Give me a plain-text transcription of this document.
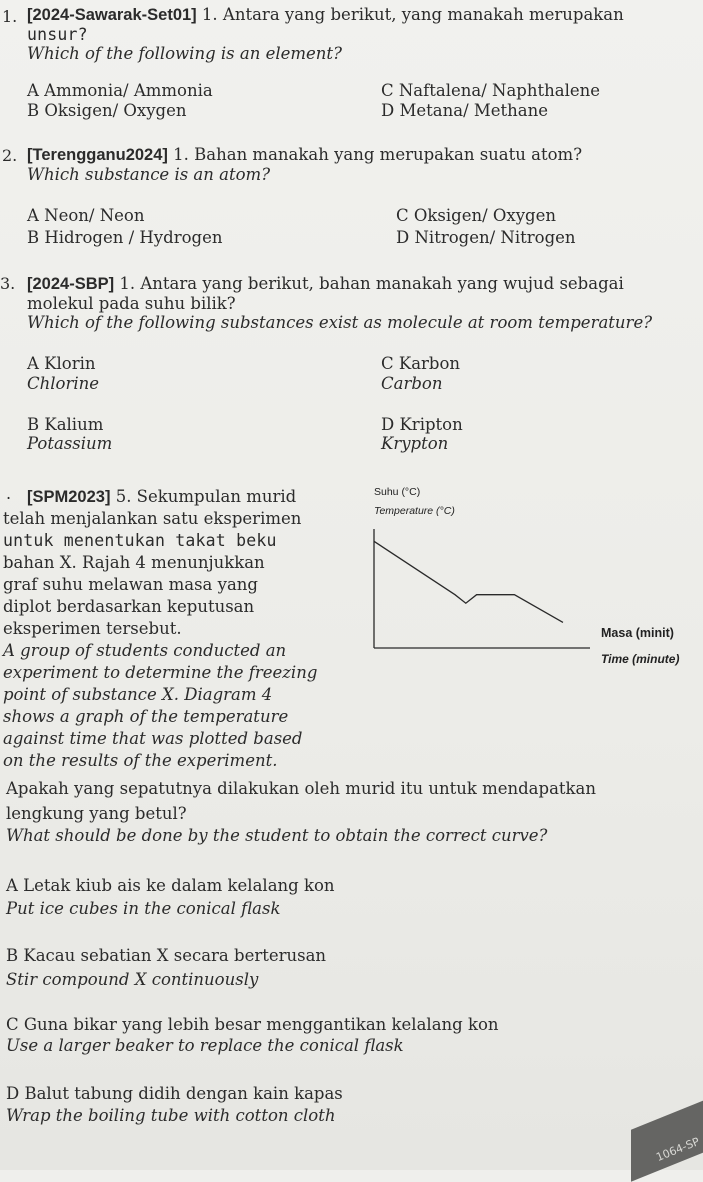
1. [2024-Sawarak-Set01] 1. Antara yang berikut, yang manakah merupakan
unsur?
Which of the following is an element?
A Ammonia/ Ammonia
B Oksigen/ Oxygen
C Naftalena/ Naphthalene
D Metana/ Methane
2. [Terengganu2024] 1. Bahan manakah yang merupakan suatu atom?
Which substance is an atom?
A Neon/ Neon
B Hidrogen / Hydrogen
C Oksigen/ Oxygen
D Nitrogen/ Nitrogen
3. [2024-SBP] 1. Antara yang berikut, bahan manakah yang wujud sebagai
molekul pada suhu bilik?
Which of the following substances exist as molecule at room temperature?
A Klorin
Chlorine
B Kalium
Potassium
C Karbon
Carbon
D Kripton
Krypton
. [SPM2023] 5. Sekumpulan murid
telah menjalankan satu eksperimen
untuk menentukan takat beku
bahan X. Rajah 4 menunjukkan
graf suhu melawan masa yang
diplot berdasarkan keputusan
eksperimen tersebut.
A group of students conducted an
experiment to determine the freezing
point of substance X. Diagram 4
shows a graph of the temperature
against time that was plotted based
on the results of the experiment.
Suhu (°C)
Temperature (°C)
Masa (minit)
Time (minute)
Apakah yang sepatutnya dilakukan oleh murid itu untuk mendapatkan
lengkung yang betul?
What should be done by the student to obtain the correct curve?
A Letak kiub ais ke dalam kelalang kon
Put ice cubes in the conical flask
B Kacau sebatian X secara berterusan
Stir compound X continuously
C Guna bikar yang lebih besar menggantikan kelalang kon
Use a larger beaker to replace the conical flask
D Balut tabung didih dengan kain kapas
Wrap the boiling tube with cotton cloth
1064-SP
